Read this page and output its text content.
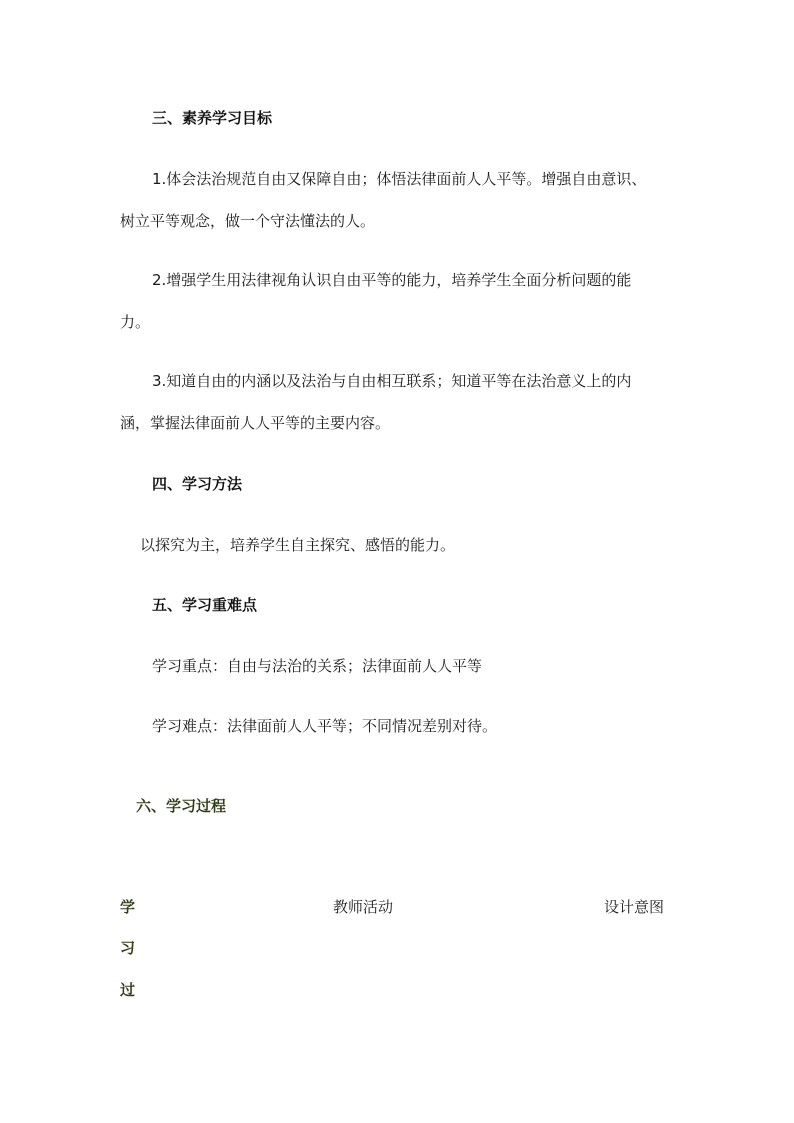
三、素养学习目标
1.体会法治规范自由又保障自由；体悟法律面前人人平等。增强自由意识、
树立平等观念，做一个守法懂法的人。
2.增强学生用法律视角认识自由平等的能力，培养学生全面分析问题的能
力。
3.知道自由的内涵以及法治与自由相互联系；知道平等在法治意义上的内
涵，掌握法律面前人人平等的主要内容。
四、学习方法
以探究为主，培养学生自主探究、感悟的能力。
五、学习重难点
学习重点：自由与法治的关系；法律面前人人平等
学习难点：法律面前人人平等；不同情况差别对待。
六、学习过程
学
习
过
教师活动	设计意图
